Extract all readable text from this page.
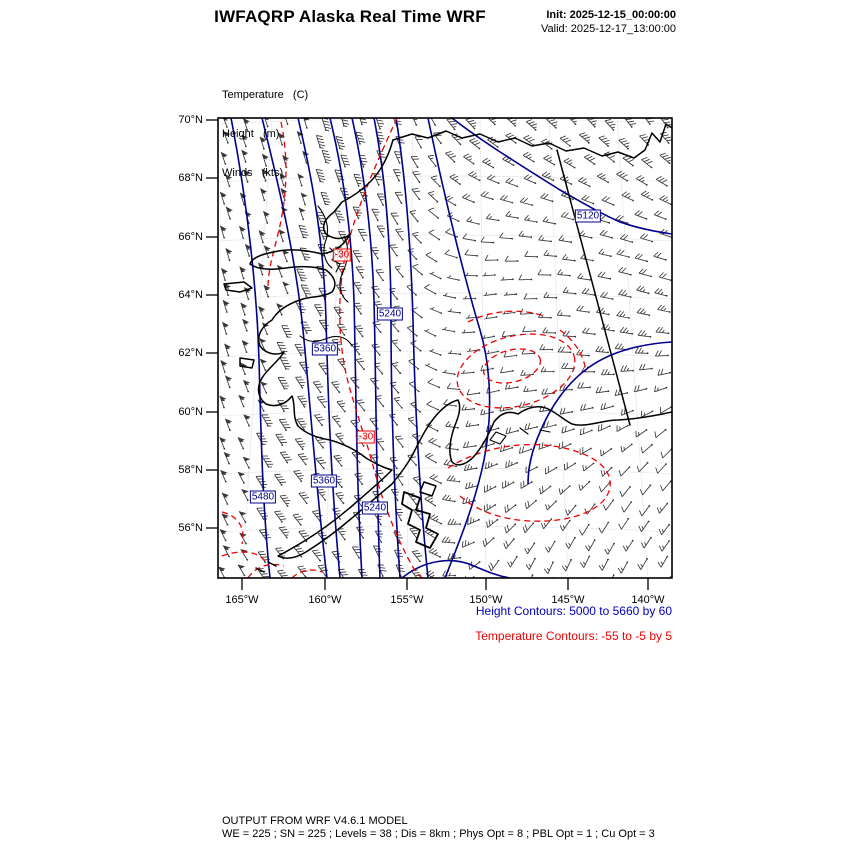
IWFAQRP Alaska Real Time WRF	Init: 2025-12-15_00:00:00
Valid: 2025-12-17_13:00:00

Temperature   (C)

Height   (m)

Winds   (kts)

70°N
68°N
66°N
64°N
62°N
60°N
58°N
56°N
165°W	160°W	155°W	150°W	145°W	140°W
5240
5360
5120
5480
5360
5240
-30
-30
Height Contours: 5000 to 5660 by 60
Temperature Contours: -55 to -5 by 5
OUTPUT FROM WRF V4.6.1 MODEL
WE = 225 ; SN = 225 ; Levels = 38 ; Dis = 8km ; Phys Opt = 8 ; PBL Opt = 1 ; Cu Opt = 3
